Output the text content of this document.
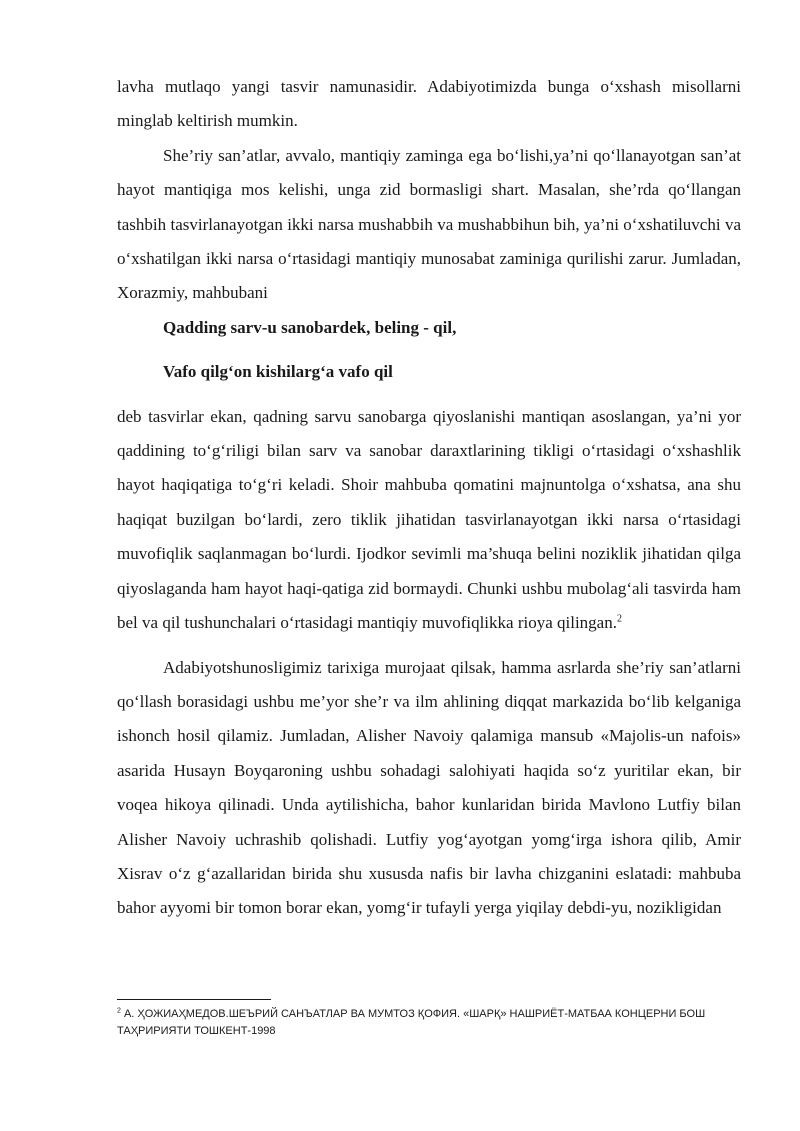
lavha mutlaqo yangi tasvir namunasidir. Adabiyotimizda bunga o‘xshash misollarni minglab keltirish mumkin.

She’riy san’atlar, avvalo, mantiqiy zaminga ega bo‘lishi,ya’ni qo‘llanayotgan san’at hayot mantiqiga mos kelishi, unga zid bormasligi shart. Masalan, she’rda qo‘llangan tashbih tasvirlanayotgan ikki narsa mushabbih va mushabbihun bih, ya’ni o‘xshatiluvchi va o‘xshatilgan ikki narsa o‘rtasidagi mantiqiy munosabat zaminiga qurilishi zarur. Jumladan, Xorazmiy, mahbubani

Qadding sarv-u sanobardek, beling - qil,

Vafo qilg‘on kishilarg‘a vafo qil

deb tasvirlar ekan, qadning sarvu sanobarga qiyoslanishi mantiqan asoslangan, ya’ni yor qaddining to‘g‘riligi bilan sarv va sanobar daraxtlarining tikligi o‘rtasidagi o‘xshashlik hayot haqiqatiga to‘g‘ri keladi. Shoir mahbuba qomatini majnuntolga o‘xshatsa, ana shu haqiqat buzilgan bo‘lardi, zero tiklik jihatidan tasvirlanayotgan ikki narsa o‘rtasidagi muvofiqlik saqlanmagan bo‘lurdi. Ijodkor sevimli ma’shuqa belini noziklik jihatidan qilga qiyoslaganda ham hayot haqi-qatiga zid bormaydi. Chunki ushbu mubolag‘ali tasvirda ham bel va qil tushunchalari o‘rtasidagi mantiqiy muvofiqlikka rioya qilingan.$^2$

Adabiyotshunosligimiz tarixiga murojaat qilsak, hamma asrlarda she’riy san’atlarni qo‘llash borasidagi ushbu me’yor she’r va ilm ahlining diqqat markazida bo‘lib kelganiga ishonch hosil qilamiz. Jumladan, Alisher Navoiy qalamiga mansub «Majolis-un nafois» asarida Husayn Boyqaroning ushbu sohadagi salohiyati haqida so‘z yuritilar ekan, bir voqea hikoya qilinadi. Unda aytilishicha, bahor kunlaridan birida Mavlono Lutfiy bilan Alisher Navoiy uchrashib qolishadi. Lutfiy yog‘ayotgan yomg‘irga ishora qilib, Amir Xisrav o‘z g‘azallaridan birida shu xususda nafis bir lavha chizganini eslatadi: mahbuba bahor ayyomi bir tomon borar ekan, yomg‘ir tufayli yerga yiqilay debdi-yu, nozikligidan

$^2$ А. ҲОЖИАҲМЕДОВ.ШЕЪРИЙ САНЪАТЛАР ВА МУМТОЗ ҚОФИЯ. «ШАРҚ» НАШРИЁТ-МАТБАА КОНЦЕРНИ БОШ ТАҲРИРИЯТИ ТОШКЕНТ-1998
